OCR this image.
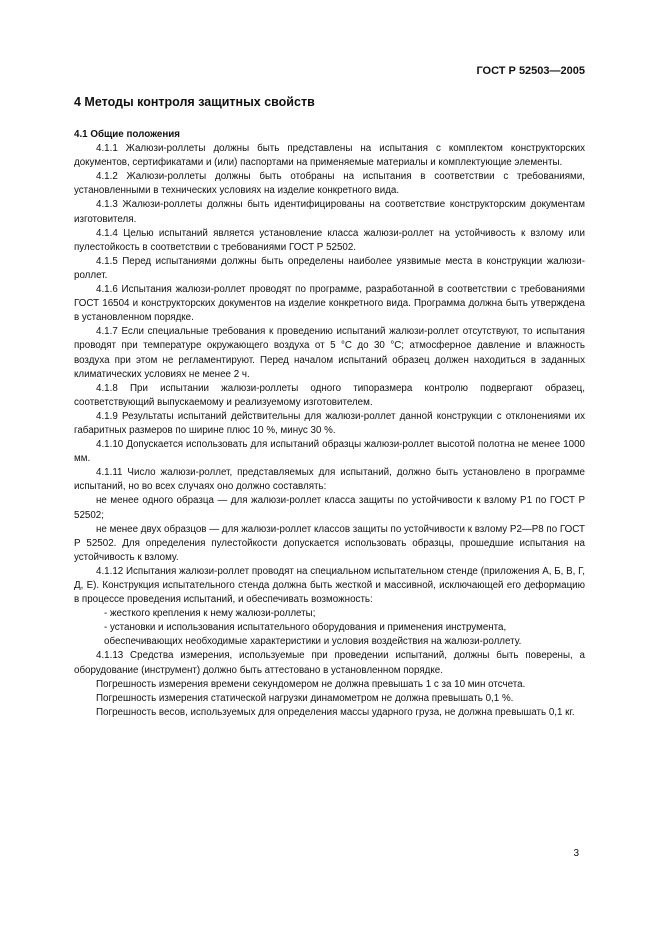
ГОСТ Р 52503—2005
4 Методы контроля защитных свойств
4.1 Общие положения

4.1.1 Жалюзи-роллеты должны быть представлены на испытания с комплектом конструкторских документов, сертификатами и (или) паспортами на применяемые материалы и комплектующие элементы.

4.1.2 Жалюзи-роллеты должны быть отобраны на испытания в соответствии с требованиями, установленными в технических условиях на изделие конкретного вида.

4.1.3 Жалюзи-роллеты должны быть идентифицированы на соответствие конструкторским документам изготовителя.

4.1.4 Целью испытаний является установление класса жалюзи-роллет на устойчивость к взлому или пулестойкость в соответствии с требованиями ГОСТ Р 52502.

4.1.5 Перед испытаниями должны быть определены наиболее уязвимые места в конструкции жалюзи-роллет.

4.1.6 Испытания жалюзи-роллет проводят по программе, разработанной в соответствии с требованиями ГОСТ 16504 и конструкторских документов на изделие конкретного вида. Программа должна быть утверждена в установленном порядке.

4.1.7 Если специальные требования к проведению испытаний жалюзи-роллет отсутствуют, то испытания проводят при температуре окружающего воздуха от 5 °С до 30 °С; атмосферное давление и влажность воздуха при этом не регламентируют. Перед началом испытаний образец должен находиться в заданных климатических условиях не менее 2 ч.

4.1.8 При испытании жалюзи-роллеты одного типоразмера контролю подвергают образец, соответствующий выпускаемому и реализуемому изготовителем.

4.1.9 Результаты испытаний действительны для жалюзи-роллет данной конструкции с отклонениями их габаритных размеров по ширине плюс 10 %, минус 30 %.

4.1.10 Допускается использовать для испытаний образцы жалюзи-роллет высотой полотна не менее 1000 мм.

4.1.11 Число жалюзи-роллет, представляемых для испытаний, должно быть установлено в программе испытаний, но во всех случаях оно должно составлять:

не менее одного образца — для жалюзи-роллет класса защиты по устойчивости к взлому Р1 по ГОСТ Р 52502;

не менее двух образцов — для жалюзи-роллет классов защиты по устойчивости к взлому Р2—Р8 по ГОСТ Р 52502. Для определения пулестойкости допускается использовать образцы, прошедшие испытания на устойчивость к взлому.

4.1.12 Испытания жалюзи-роллет проводят на специальном испытательном стенде (приложения А, Б, В, Г, Д, Е). Конструкция испытательного стенда должна быть жесткой и массивной, исключающей его деформацию в процессе проведения испытаний, и обеспечивать возможность:

- жесткого крепления к нему жалюзи-роллеты;

- установки и использования испытательного оборудования и применения инструмента, обеспечивающих необходимые характеристики и условия воздействия на жалюзи-роллету.

4.1.13 Средства измерения, используемые при проведении испытаний, должны быть поверены, а оборудование (инструмент) должно быть аттестовано в установленном порядке.

Погрешность измерения времени секундомером не должна превышать 1 с за 10 мин отсчета.

Погрешность измерения статической нагрузки динамометром не должна превышать 0,1 %.

Погрешность весов, используемых для определения массы ударного груза, не должна превышать 0,1 кг.

3
